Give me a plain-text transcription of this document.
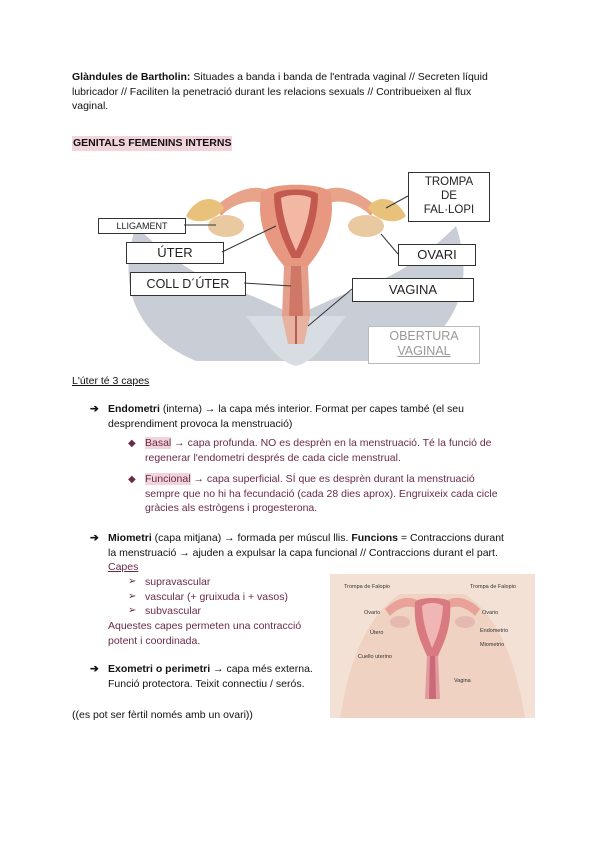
Glàndules de Bartholin: Situades a banda i banda de l'entrada vaginal // Secreten líquid
lubricador // Faciliten la penetració durant les relacions sexuals // Contribueixen al flux
vaginal.
GENITALS FEMENINS INTERNS
LLIGAMENT
ÚTER
COLL D´ÚTER
TROMPA
DE
FAL·LOPI
OVARI
VAGINA
OBERTURA
VAGINAL
L'úter té 3 capes
➔ Endometri (interna) → la capa més interior. Format per capes també (el seu
desprendiment provoca la menstruació)
◆ Basal → capa profunda. NO es desprèn en la menstruació. Té la funció de
regenerar l'endometri després de cada cicle menstrual.
◆ Funcional → capa superficial. SÍ que es desprèn durant la menstruació
sempre que no hi ha fecundació (cada 28 dies aprox). Engruixeix cada cicle
gràcies als estrògens i progesterona.
➔ Miometri (capa mitjana) → formada per múscul llis. Funcions = Contraccions durant
la menstruació → ajuden a expulsar la capa funcional // Contraccions durant el part.
Capes
➢ supravascular
➢ vascular (+ gruixuda i + vasos)
➢ subvascular
Aquestes capes permeten una contracció
potent i coordinada.
➔ Exometri o perimetri → capa més externa.
Funció protectora. Teixit connectiu / serós.
((es pot ser fèrtil només amb un ovari))
Trompa de Falopio	Trompa de Falopio
Ovario	Ovario
Útero	Endometrio
Miometrio
Cuello uterino
Vagina
